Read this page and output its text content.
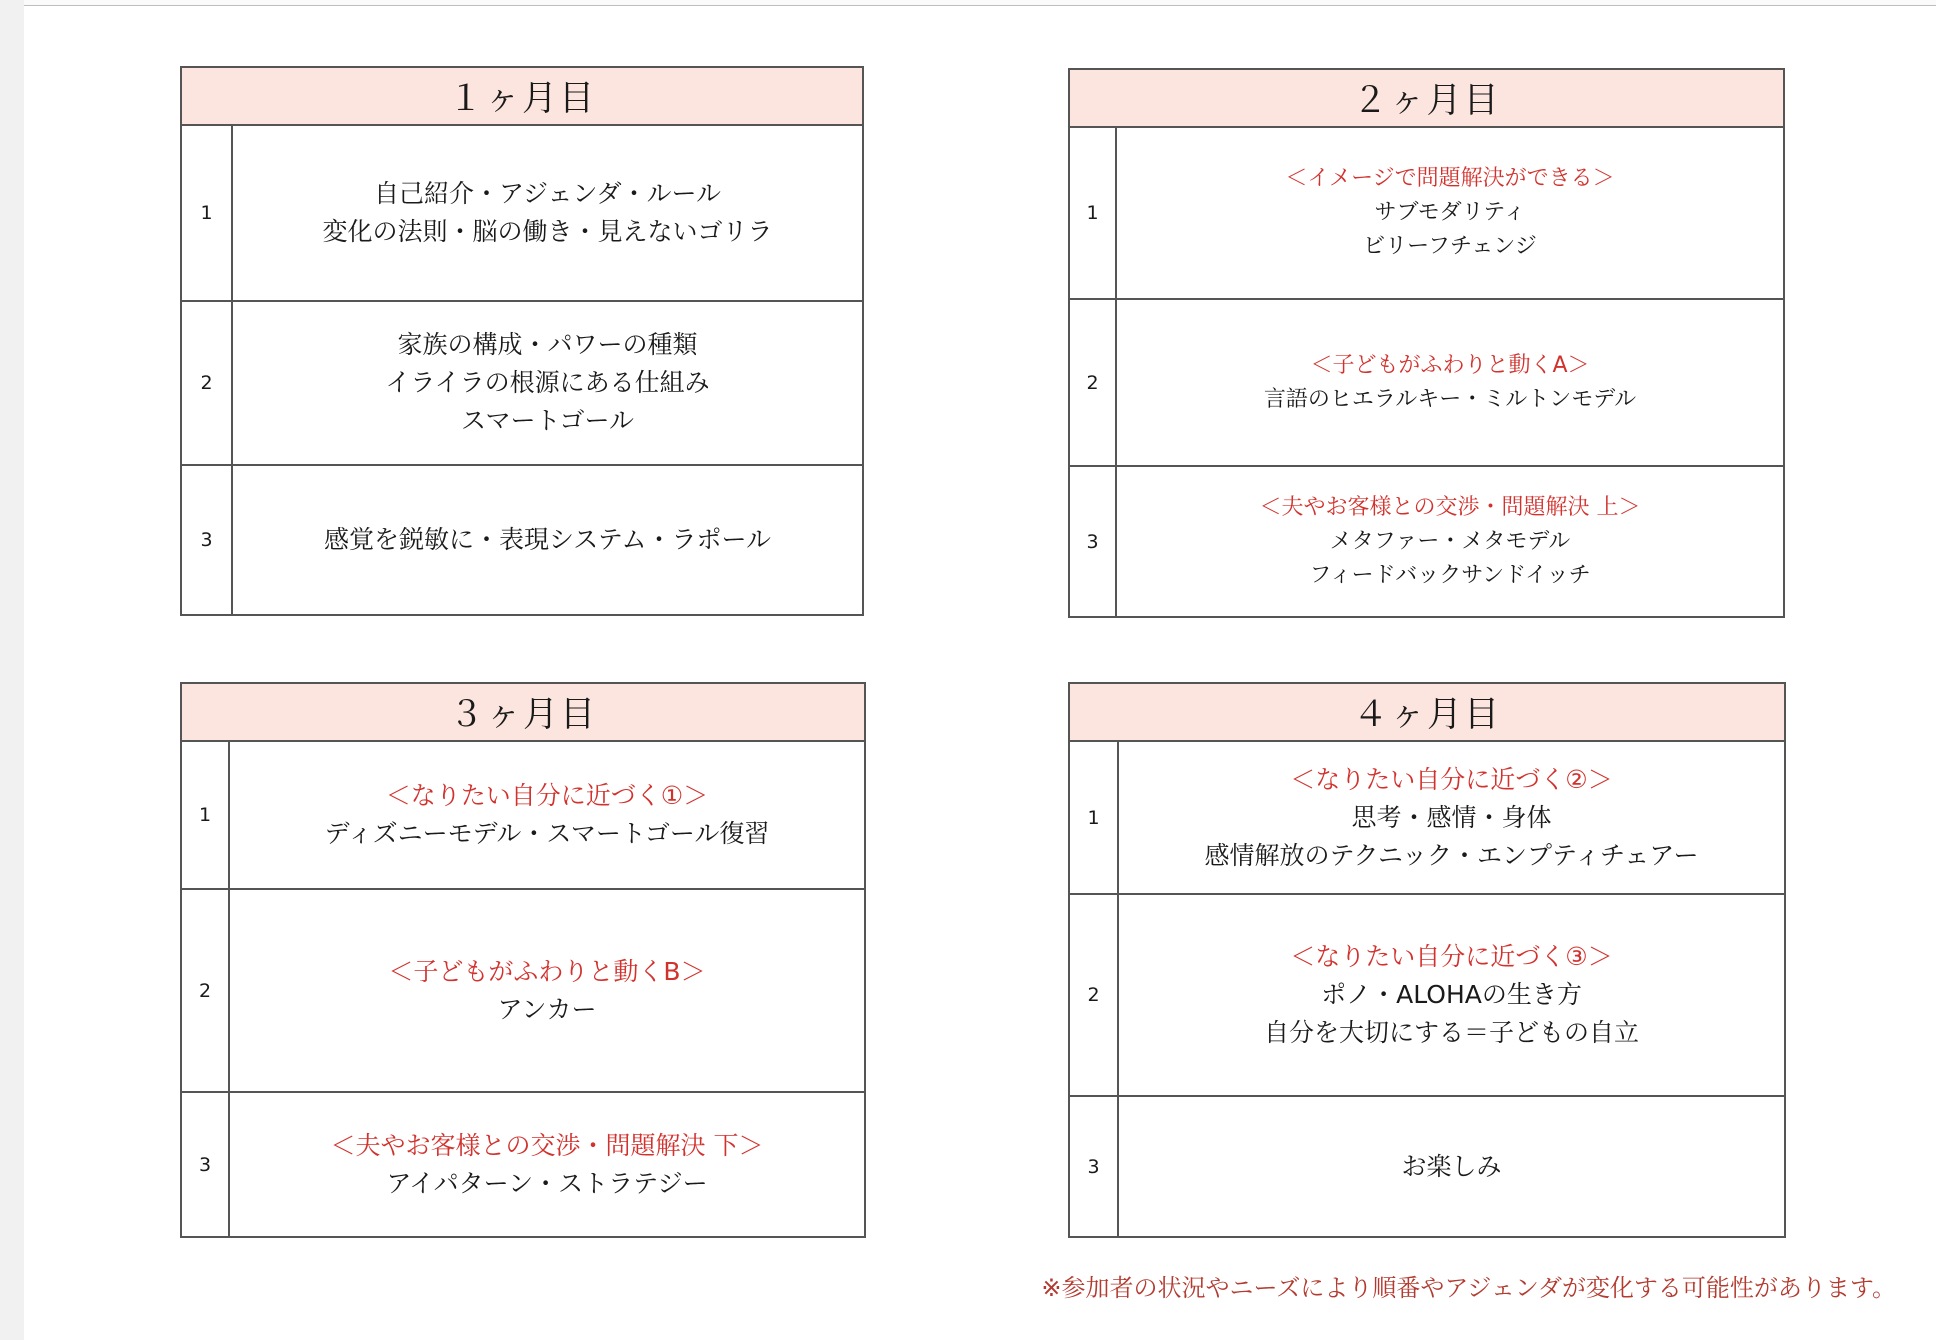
１ヶ月目
1
自己紹介・アジェンダ・ルール
変化の法則・脳の働き・見えないゴリラ
2
家族の構成・パワーの種類
イライラの根源にある仕組み
スマートゴール
3	感覚を鋭敏に・表現システム・ラポール
２ヶ月目
1
＜イメージで問題解決ができる＞
サブモダリティ
ビリーフチェンジ
2
＜子どもがふわりと動くA＞
言語のヒエラルキー・ミルトンモデル
3
＜夫やお客様との交渉・問題解決 上＞
メタファー・メタモデル
フィードバックサンドイッチ
３ヶ月目
1
＜なりたい自分に近づく①＞
ディズニーモデル・スマートゴール復習
2
＜子どもがふわりと動くB＞
アンカー
3
＜夫やお客様との交渉・問題解決 下＞
アイパターン・ストラテジー
４ヶ月目
1
＜なりたい自分に近づく②＞
思考・感情・身体
感情解放のテクニック・エンプティチェアー
2
＜なりたい自分に近づく③＞
ポノ・ALOHAの生き方
自分を大切にする＝子どもの自立
3	お楽しみ
※参加者の状況やニーズにより順番やアジェンダが変化する可能性があります。
